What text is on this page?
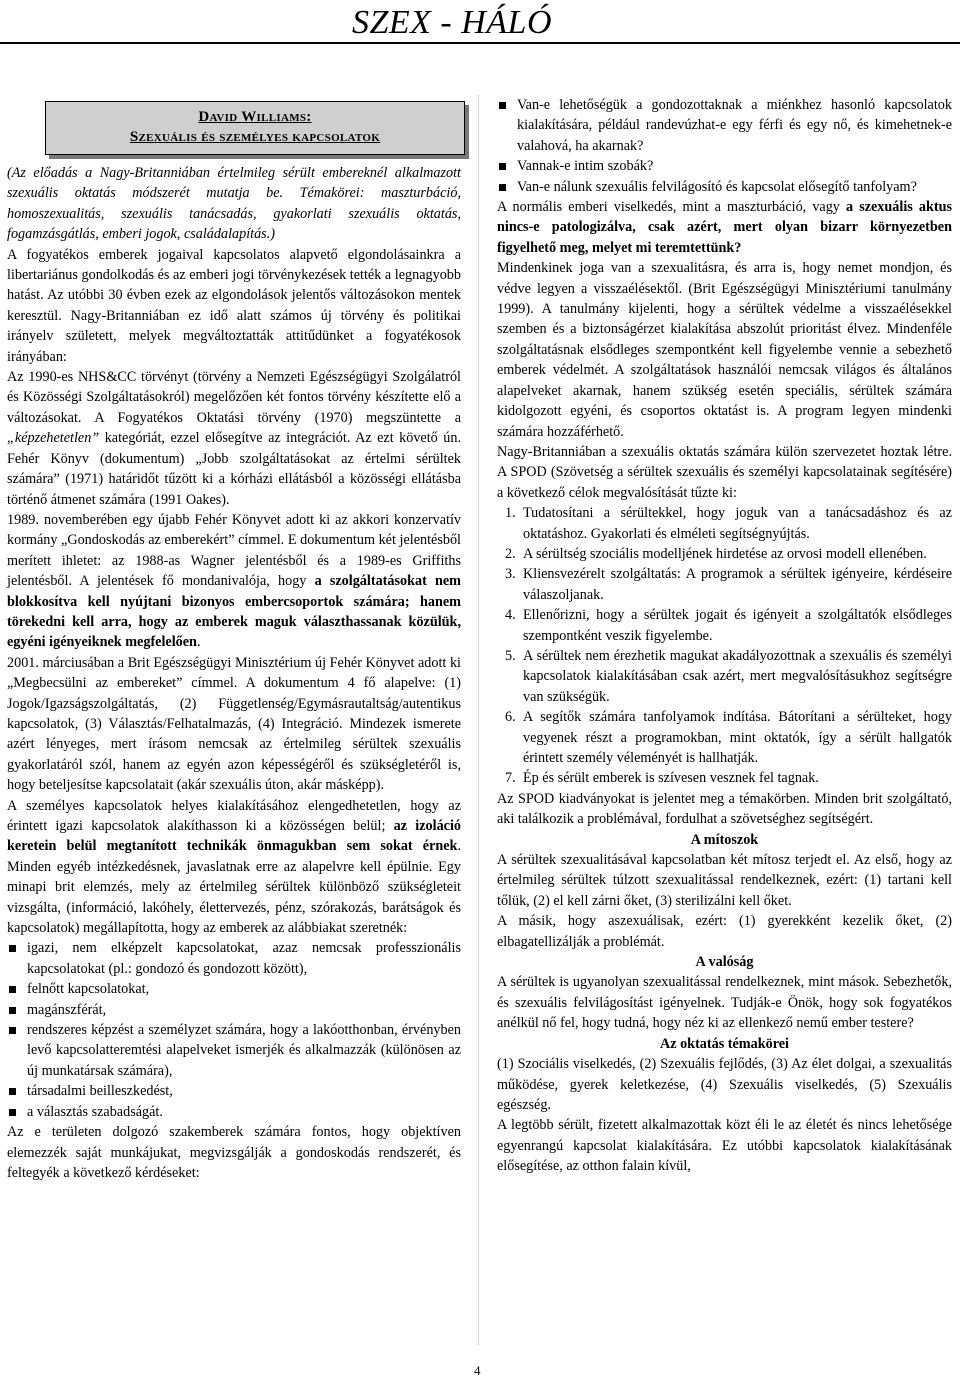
SZEX - HÁLÓ
David Williams:
Szexuális és személyes kapcsolatok

(Az előadás a Nagy-Britanniában értelmileg sérült embereknél alkalmazott szexuális oktatás módszerét mutatja be. Témakörei: maszturbáció, homoszexualitás, szexuális tanácsadás, gyakorlati szexuális oktatás, fogamzásgátlás, emberi jogok, családalapítás.)

A fogyatékos emberek jogaival kapcsolatos alapvető elgondolásainkra a libertariánus gondolkodás és az emberi jogi törvénykezések tették a legnagyobb hatást. Az utóbbi 30 évben ezek az elgondolások jelentős változásokon mentek keresztül. Nagy-Britanniában ez idő alatt számos új törvény és politikai irányelv született, melyek megváltoztatták attitűdünket a fogyatékosok irányában:

Az 1990-es NHS&CC törvényt (törvény a Nemzeti Egészségügyi Szolgálatról és Közösségi Szolgáltatásokról) megelőzően két fontos törvény készítette elő a változásokat. A Fogyatékos Oktatási törvény (1970) megszüntette a „képzehetetlen” kategóriát, ezzel elősegítve az integrációt. Az ezt követő ún. Fehér Könyv (dokumentum) „Jobb szolgáltatásokat az értelmi sérültek számára” (1971) határidőt tűzött ki a kórházi ellátásból a közösségi ellátásba történő átmenet számára (1991 Oakes).

1989. novemberében egy újabb Fehér Könyvet adott ki az akkori konzervatív kormány „Gondoskodás az emberekért” címmel. E dokumentum két jelentésből merített ihletet: az 1988-as Wagner jelentésből és a 1989-es Griffiths jelentésből. A jelentések fő mondanivalója, hogy a szolgáltatásokat nem blokkosítva kell nyújtani bizonyos embercsoportok számára; hanem törekedni kell arra, hogy az emberek maguk választhassanak közülük, egyéni igényeiknek megfelelően.

2001. márciusában a Brit Egészségügyi Minisztérium új Fehér Könyvet adott ki „Megbecsülni az embereket” címmel. A dokumentum 4 fő alapelve: (1) Jogok/Igazságszolgáltatás, (2) Függetlenség/Egymásrautaltság/autentikus kapcsolatok, (3) Választás/Felhatalmazás, (4) Integráció. Mindezek ismerete azért lényeges, mert írásom nemcsak az értelmileg sérültek szexuális gyakorlatáról szól, hanem az egyén azon képességéről és szükségletéről is, hogy beteljesítse kapcsolatait (akár szexuális úton, akár másképp).

A személyes kapcsolatok helyes kialakításához elengedhetetlen, hogy az érintett igazi kapcsolatok alakíthasson ki a közösségen belül; az izoláció keretein belül megtanított technikák önmagukban sem sokat érnek. Minden egyéb intézkedésnek, javaslatnak erre az alapelvre kell épülnie. Egy minapi brit elemzés, mely az értelmileg sérültek különböző szükségleteit vizsgálta, (információ, lakóhely, élettervezés, pénz, szórakozás, barátságok és kapcsolatok) megállapította, hogy az emberek az alábbiakat szeretnék:

igazi, nem elképzelt kapcsolatokat, azaz nemcsak professzionális kapcsolatokat (pl.: gondozó és gondozott között),
felnőtt kapcsolatokat,
magánszférát,
rendszeres képzést a személyzet számára, hogy a lakóotthonban, érvényben levő kapcsolatteremtési alapelveket ismerjék és alkalmazzák (különösen az új munkatársak számára),
társadalmi beilleszkedést,
a választás szabadságát.

Az e területen dolgozó szakemberek számára fontos, hogy objektíven elemezzék saját munkájukat, megvizsgálják a gondoskodás rendszerét, és feltegyék a következő kérdéseket:

Van-e lehetőségük a gondozottaknak a miénkhez hasonló kapcsolatok kialakítására, például randevúzhat-e egy férfi és egy nő, és kimehetnek-e valahová, ha akarnak?
Vannak-e intim szobák?
Van-e nálunk szexuális felvilágosító és kapcsolat elősegítő tanfolyam?

A normális emberi viselkedés, mint a maszturbáció, vagy a szexuális aktus nincs-e patologizálva, csak azért, mert olyan bizarr környezetben figyelhető meg, melyet mi teremtettünk?

Mindenkinek joga van a szexualitásra, és arra is, hogy nemet mondjon, és védve legyen a visszaélésektől. (Brit Egészségügyi Minisztériumi tanulmány 1999). A tanulmány kijelenti, hogy a sérültek védelme a visszaélésekkel szemben és a biztonságérzet kialakítása abszolút prioritást élvez. Mindenféle szolgáltatásnak elsődleges szempontként kell figyelembe vennie a sebezhető emberek védelmét. A szolgáltatások használói nemcsak világos és általános alapelveket akarnak, hanem szükség esetén speciális, sérültek számára kidolgozott egyéni, és csoportos oktatást is. A program legyen mindenki számára hozzáférhető.

Nagy-Britanniában a szexuális oktatás számára külön szervezetet hoztak létre. A SPOD (Szövetség a sérültek szexuális és személyi kapcsolatainak segítésére) a következő célok megvalósítását tűzte ki:

1. Tudatosítani a sérültekkel, hogy joguk van a tanácsadáshoz és az oktatáshoz. Gyakorlati és elméleti segítségnyújtás.
2. A sérültség szociális modelljének hirdetése az orvosi modell ellenében.
3. Kliensvezérelt szolgáltatás: A programok a sérültek igényeire, kérdéseire válaszoljanak.
4. Ellenőrizni, hogy a sérültek jogait és igényeit a szolgáltatók elsődleges szempontként veszik figyelembe.
5. A sérültek nem érezhetik magukat akadályozottnak a szexuális és személyi kapcsolatok kialakításában csak azért, mert megvalósításukhoz segítségre van szükségük.
6. A segítők számára tanfolyamok indítása. Bátorítani a sérülteket, hogy vegyenek részt a programokban, mint oktatók, így a sérült hallgatók érintett személy véleményét is hallhatják.
7. Ép és sérült emberek is szívesen vesznek fel tagnak.

Az SPOD kiadványokat is jelentet meg a témakörben. Minden brit szolgáltató, aki találkozik a problémával, fordulhat a szövetséghez segítségért.

A mítoszok

A sérültek szexualitásával kapcsolatban két mítosz terjedt el. Az első, hogy az értelmileg sérültek túlzott szexualitással rendelkeznek, ezért: (1) tartani kell tőlük, (2) el kell zárni őket, (3) sterilizálni kell őket.

A másik, hogy aszexuálisak, ezért: (1) gyerekként kezelik őket, (2) elbagatellizálják a problémát.

A valóság

A sérültek is ugyanolyan szexualitással rendelkeznek, mint mások. Sebezhetők, és szexuális felvilágosítást igényelnek. Tudják-e Önök, hogy sok fogyatékos anélkül nő fel, hogy tudná, hogy néz ki az ellenkező nemű ember testere?

Az oktatás témakörei

(1) Szociális viselkedés, (2) Szexuális fejlődés, (3) Az élet dolgai, a szexualitás működése, gyerek keletkezése, (4) Szexuális viselkedés, (5) Szexuális egészség.

A legtöbb sérült, fizetett alkalmazottak közt éli le az életét és nincs lehetősége egyenrangú kapcsolat kialakítására. Ez utóbbi kapcsolatok kialakításának elősegítése, az otthon falain kívül,

4
